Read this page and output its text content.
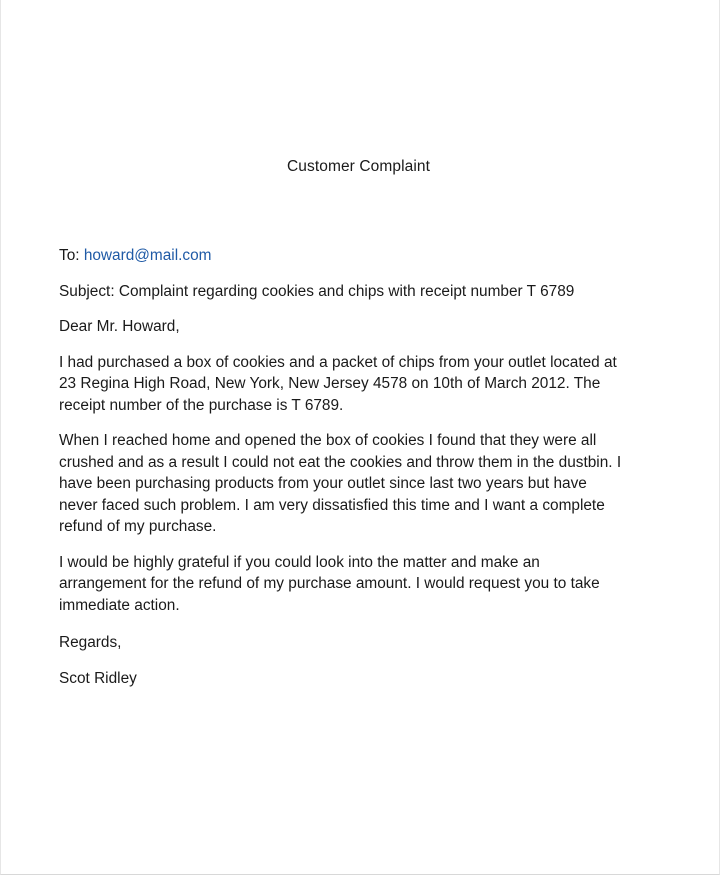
Customer Complaint
To: howard@mail.com
Subject: Complaint regarding cookies and chips with receipt number T 6789
Dear Mr. Howard,
I had purchased a box of cookies and a packet of chips from your outlet located at
23 Regina High Road, New York, New Jersey 4578 on 10th of March 2012. The
receipt number of the purchase is T 6789.
When I reached home and opened the box of cookies I found that they were all
crushed and as a result I could not eat the cookies and throw them in the dustbin. I
have been purchasing products from your outlet since last two years but have
never faced such problem. I am very dissatisfied this time and I want a complete
refund of my purchase.
I would be highly grateful if you could look into the matter and make an
arrangement for the refund of my purchase amount. I would request you to take
immediate action.
Regards,
Scot Ridley
